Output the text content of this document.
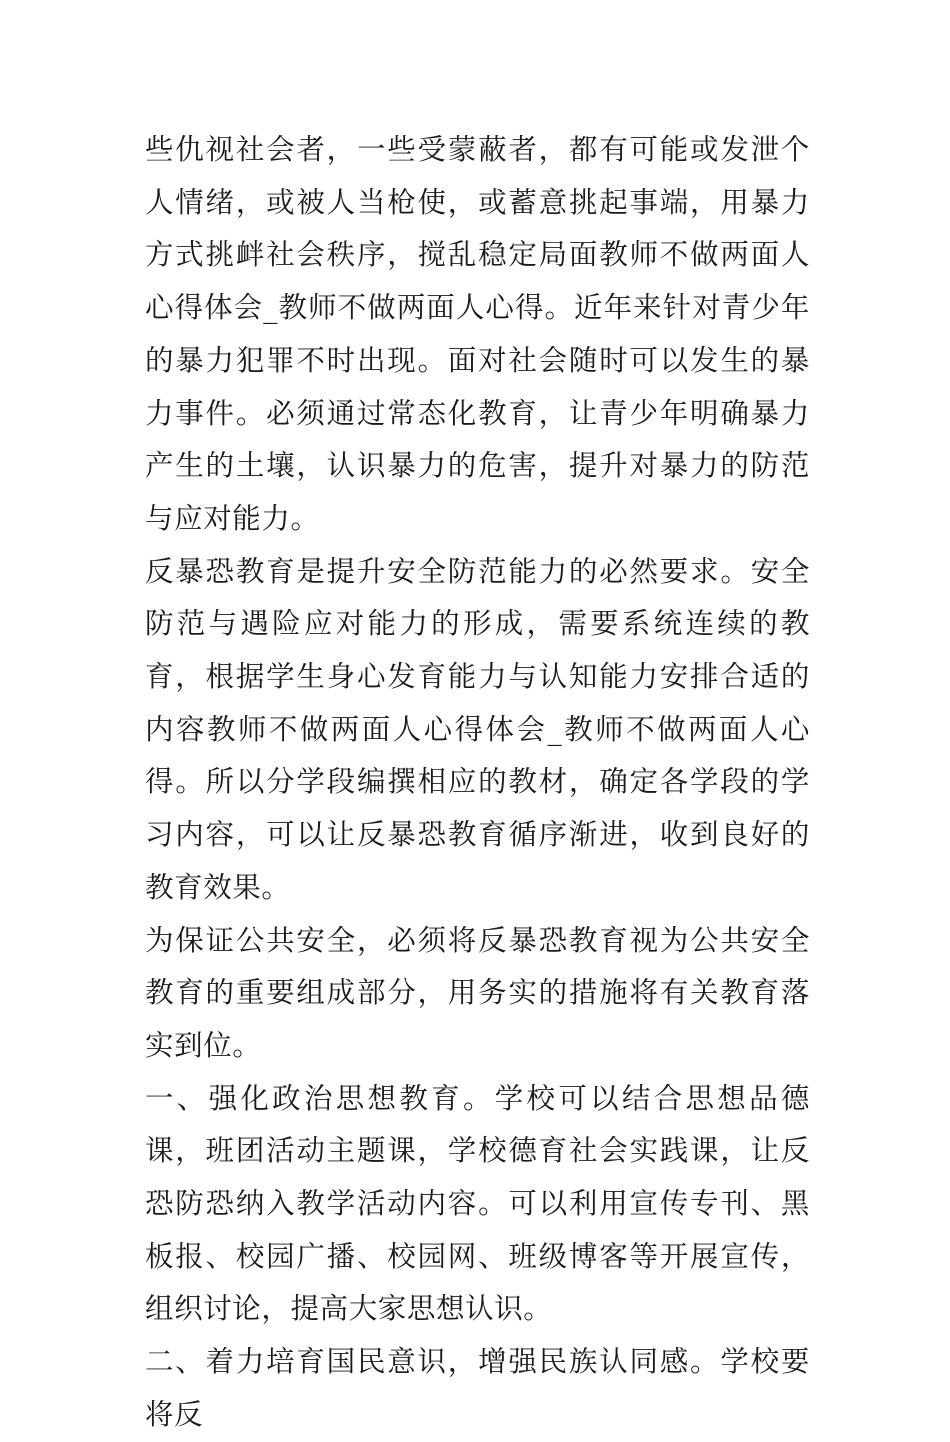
些仇视社会者，一些受蒙蔽者，都有可能或发泄个人情绪，或被人当枪使，或蓄意挑起事端，用暴力方式挑衅社会秩序，搅乱稳定局面教师不做两面人心得体会_教师不做两面人心得。近年来针对青少年的暴力犯罪不时出现。面对社会随时可以发生的暴力事件。必须通过常态化教育，让青少年明确暴力产生的土壤，认识暴力的危害，提升对暴力的防范与应对能力。

反暴恐教育是提升安全防范能力的必然要求。安全防范与遇险应对能力的形成，需要系统连续的教育，根据学生身心发育能力与认知能力安排合适的内容教师不做两面人心得体会_教师不做两面人心得。所以分学段编撰相应的教材，确定各学段的学习内容，可以让反暴恐教育循序渐进，收到良好的教育效果。

为保证公共安全，必须将反暴恐教育视为公共安全教育的重要组成部分，用务实的措施将有关教育落实到位。

一、强化政治思想教育。学校可以结合思想品德课，班团活动主题课，学校德育社会实践课，让反恐防恐纳入教学活动内容。可以利用宣传专刊、黑板报、校园广播、校园网、班级博客等开展宣传，组织讨论，提高大家思想认识。

二、着力培育国民意识，增强民族认同感。学校要将反
